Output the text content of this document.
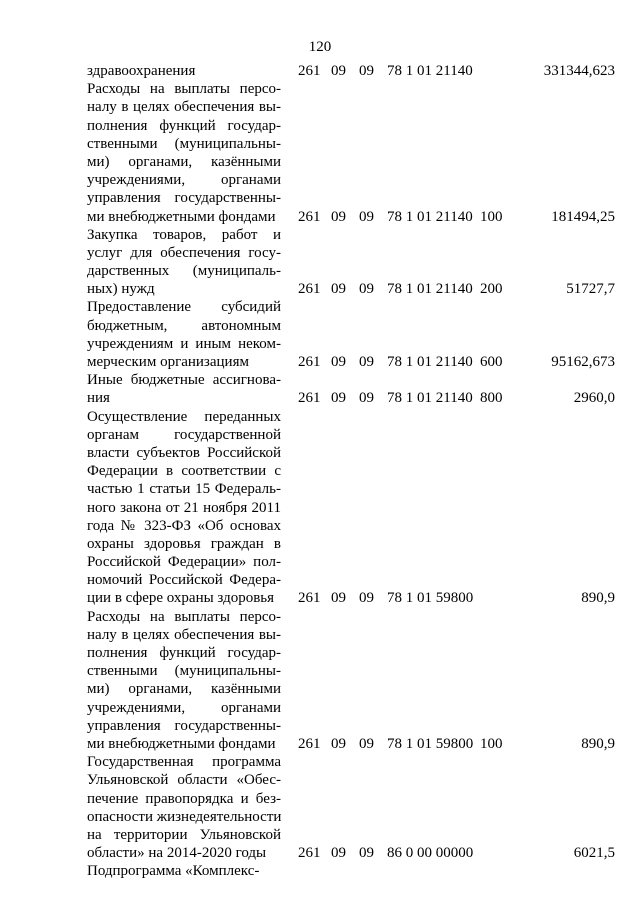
120
здравоохранения	261 09 09 78 1 01 21140	331344,623
Расходы на выплаты персо-
налу в целях обеспечения вы-
полнения функций государ-
ственными (муниципальны-
ми) органами, казёнными
учреждениями, органами
управления государственны-
ми внебюджетными фондами	261 09 09 78 1 01 21140 100	181494,25
Закупка товаров, работ и
услуг для обеспечения госу-
дарственных (муниципаль-
ных) нужд	261 09 09 78 1 01 21140 200	51727,7
Предоставление субсидий
бюджетным, автономным
учреждениям и иным неком-
мерческим организациям	261 09 09 78 1 01 21140 600	95162,673
Иные бюджетные ассигнова-
ния	261 09 09 78 1 01 21140 800	2960,0
Осуществление переданных
органам государственной
власти субъектов Российской
Федерации в соответствии с
частью 1 статьи 15 Федераль-
ного закона от 21 ноября 2011
года № 323-ФЗ «Об основах
охраны здоровья граждан в
Российской Федерации» пол-
номочий Российской Федера-
ции в сфере охраны здоровья	261 09 09 78 1 01 59800	890,9
Расходы на выплаты персо-
налу в целях обеспечения вы-
полнения функций государ-
ственными (муниципальны-
ми) органами, казёнными
учреждениями, органами
управления государственны-
ми внебюджетными фондами	261 09 09 78 1 01 59800 100	890,9
Государственная программа
Ульяновской области «Обес-
печение правопорядка и без-
опасности жизнедеятельности
на территории Ульяновской
области» на 2014-2020 годы	261 09 09 86 0 00 00000	6021,5
Подпрограмма «Комплекс-
